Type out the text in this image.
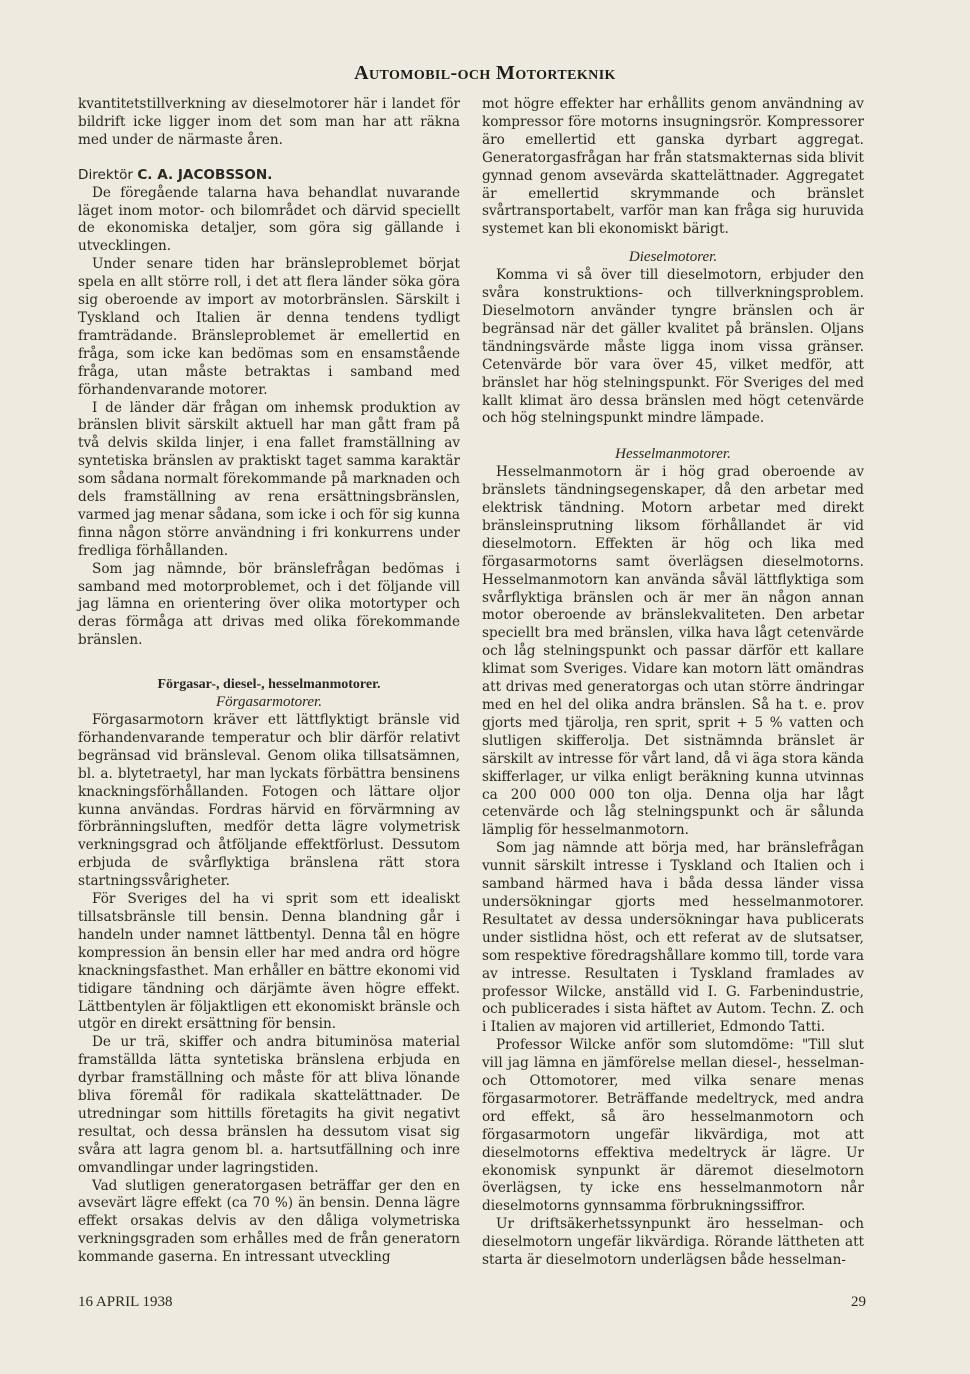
Automobil-och Motorteknik

kvantitetstillverkning av dieselmotorer här i landet för bildrift icke ligger inom det som man har att räkna med under de närmaste åren.

Direktör C. A. JACOBSSON.

De föregående talarna hava behandlat nuvarande läget inom motor- och bilområdet och därvid speciellt de ekonomiska detaljer, som göra sig gällande i utvecklingen.

Under senare tiden har bränsleproblemet börjat spela en allt större roll, i det att flera länder söka göra sig oberoende av import av motorbränslen. Särskilt i Tyskland och Italien är denna tendens tydligt framträdande. Bränsleproblemet är emellertid en fråga, som icke kan bedömas som en ensamstående fråga, utan måste betraktas i samband med förhandenvarande motorer.

I de länder där frågan om inhemsk produktion av bränslen blivit särskilt aktuell har man gått fram på två delvis skilda linjer, i ena fallet framställning av syntetiska bränslen av praktiskt taget samma karaktär som sådana normalt förekommande på marknaden och dels framställning av rena ersättningsbränslen, varmed jag menar sådana, som icke i och för sig kunna finna någon större användning i fri konkurrens under fredliga förhållanden.

Som jag nämnde, bör bränslefrågan bedömas i samband med motorproblemet, och i det följande vill jag lämna en orientering över olika motortyper och deras förmåga att drivas med olika förekommande bränslen.

Förgasar-, diesel-, hesselmanmotorer.

Förgasarmotorer.

Förgasarmotorn kräver ett lättflyktigt bränsle vid förhandenvarande temperatur och blir därför relativt begränsad vid bränsleval. Genom olika tillsatsämnen, bl. a. blytetraetyl, har man lyckats förbättra bensinens knackningsförhållanden. Fotogen och lättare oljor kunna användas. Fordras härvid en förvärmning av förbränningsluften, medför detta lägre volymetrisk verkningsgrad och åtföljande effektförlust. Dessutom erbjuda de svårflyktiga bränslena rätt stora startningssvårigheter.

För Sveriges del ha vi sprit som ett idealiskt tillsatsbränsle till bensin. Denna blandning går i handeln under namnet lättbentyl. Denna tål en högre kompression än bensin eller har med andra ord högre knackningsfasthet. Man erhåller en bättre ekonomi vid tidigare tändning och därjämte även högre effekt. Lättbentylen är följaktligen ett ekonomiskt bränsle och utgör en direkt ersättning för bensin.

De ur trä, skiffer och andra bituminösa material framställda lätta syntetiska bränslena erbjuda en dyrbar framställning och måste för att bliva lönande bliva föremål för radikala skattelättnader. De utredningar som hittills företagits ha givit negativt resultat, och dessa bränslen ha dessutom visat sig svåra att lagra genom bl. a. hartsutfällning och inre omvandlingar under lagringstiden.

Vad slutligen generatorgasen beträffar ger den en avsevärt lägre effekt (ca 70 %) än bensin. Denna lägre effekt orsakas delvis av den dåliga volymetriska verkningsgraden som erhålles med de från generatorn kommande gaserna. En intressant utveckling

mot högre effekter har erhållits genom användning av kompressor före motorns insugningsrör. Kompressorer äro emellertid ett ganska dyrbart aggregat. Generatorgasfrågan har från statsmakternas sida blivit gynnad genom avsevärda skattelättnader. Aggregatet är emellertid skrymmande och bränslet svårtransportabelt, varför man kan fråga sig huruvida systemet kan bli ekonomiskt bärigt.

Dieselmotorer.

Komma vi så över till dieselmotorn, erbjuder den svåra konstruktions- och tillverkningsproblem. Dieselmotorn använder tyngre bränslen och är begränsad när det gäller kvalitet på bränslen. Oljans tändningsvärde måste ligga inom vissa gränser. Cetenvärde bör vara över 45, vilket medför, att bränslet har hög stelningspunkt. För Sveriges del med kallt klimat äro dessa bränslen med högt cetenvärde och hög stelningspunkt mindre lämpade.

Hesselmanmotorer.

Hesselmanmotorn är i hög grad oberoende av bränslets tändningsegenskaper, då den arbetar med elektrisk tändning. Motorn arbetar med direkt bränsleinsprutning liksom förhållandet är vid dieselmotorn. Effekten är hög och lika med förgasarmotorns samt överlägsen dieselmotorns. Hesselmanmotorn kan använda såväl lättflyktiga som svårflyktiga bränslen och är mer än någon annan motor oberoende av bränslekvaliteten. Den arbetar speciellt bra med bränslen, vilka hava lågt cetenvärde och låg stelningspunkt och passar därför ett kallare klimat som Sveriges. Vidare kan motorn lätt omändras att drivas med generatorgas och utan större ändringar med en hel del olika andra bränslen. Så ha t. e. prov gjorts med tjärolja, ren sprit, sprit + 5 % vatten och slutligen skifferolja. Det sistnämnda bränslet är särskilt av intresse för vårt land, då vi äga stora kända skifferlager, ur vilka enligt beräkning kunna utvinnas ca 200 000 000 ton olja. Denna olja har lågt cetenvärde och låg stelningspunkt och är sålunda lämplig för hesselmanmotorn.

Som jag nämnde att börja med, har bränslefrågan vunnit särskilt intresse i Tyskland och Italien och i samband härmed hava i båda dessa länder vissa undersökningar gjorts med hesselmanmotorer. Resultatet av dessa undersökningar hava publicerats under sistlidna höst, och ett referat av de slutsatser, som respektive föredragshållare kommo till, torde vara av intresse. Resultaten i Tyskland framlades av professor Wilcke, anställd vid I. G. Farbenindustrie, och publicerades i sista häftet av Autom. Techn. Z. och i Italien av majoren vid artilleriet, Edmondo Tatti.

Professor Wilcke anför som slutomdöme: "Till slut vill jag lämna en jämförelse mellan diesel-, hesselman- och Ottomotorer, med vilka senare menas förgasarmotorer. Beträffande medeltryck, med andra ord effekt, så äro hesselmanmotorn och förgasarmotorn ungefär likvärdiga, mot att dieselmotorns effektiva medeltryck är lägre. Ur ekonomisk synpunkt är däremot dieselmotorn överlägsen, ty icke ens hesselmanmotorn når dieselmotorns gynnsamma förbrukningssiffror.

Ur driftsäkerhetssynpunkt äro hesselman- och dieselmotorn ungefär likvärdiga. Rörande lättheten att starta är dieselmotorn underlägsen både hesselman-

16 APRIL 1938	29
